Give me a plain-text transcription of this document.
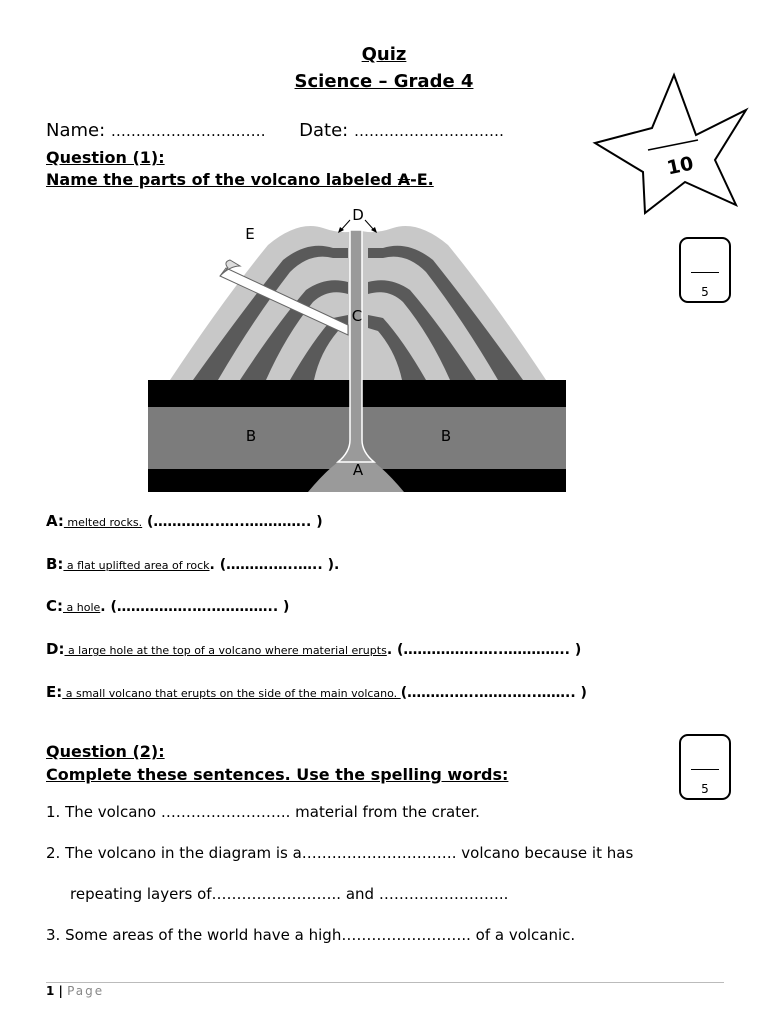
Quiz
Science – Grade 4
Name: …………………….…… Date: …………………………
10
Question (1):
Name the parts of the volcano labeled A-E.
5
D
E
C
B	B
A
A: melted rocks. (…………..…..………….. )
B: a flat uplifted area of rock. (……….…..….. ).
C: a hole. (…………….….………….. )
D: a large hole at the top of a volcano where material erupts. (…………….…..………….. )
E: a small volcano that erupts on the side of the main volcano. (……….…..…….…..…….. )
Question (2):
Complete these sentences. Use the spelling words:
5
1. The volcano …………………….. material from the crater.
2. The volcano in the diagram is a…………………………. volcano because it has
repeating layers of…………………….. and ……………………..
3. Some areas of the world have a high…………………….. of a volcanic.
1 | Page
